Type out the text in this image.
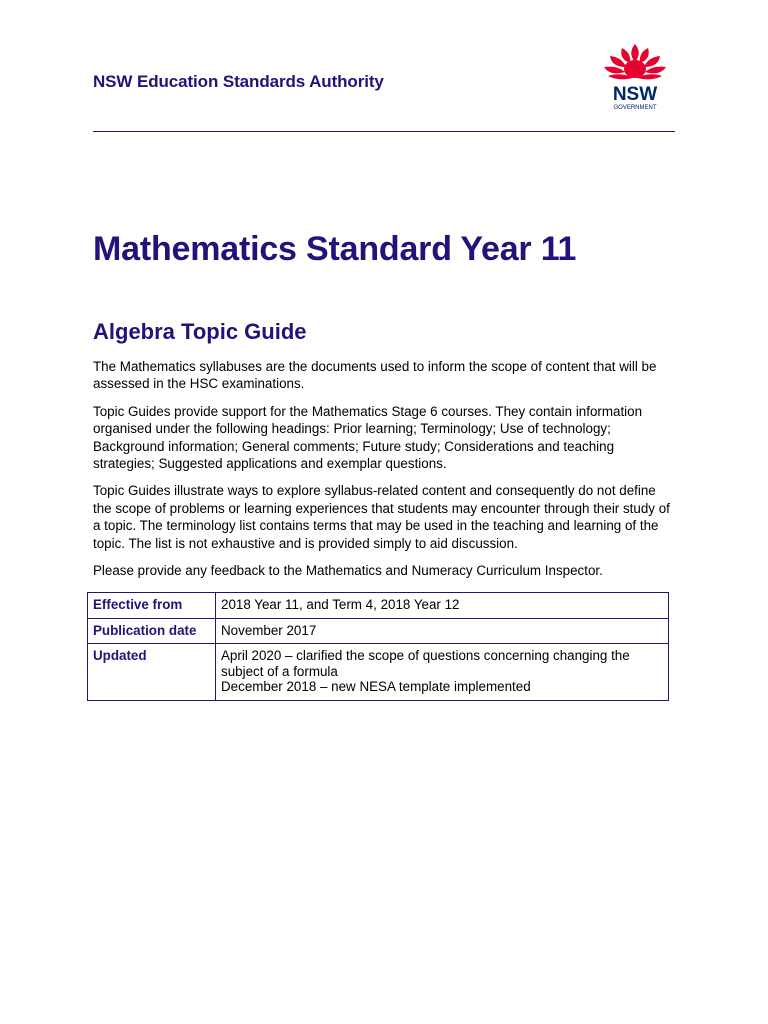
NSW Education Standards Authority
NSW
GOVERNMENT
Mathematics Standard Year 11
Algebra Topic Guide

The Mathematics syllabuses are the documents used to inform the scope of content that will be assessed in the HSC examinations.

Topic Guides provide support for the Mathematics Stage 6 courses. They contain information organised under the following headings: Prior learning; Terminology; Use of technology; Background information; General comments; Future study; Considerations and teaching strategies; Suggested applications and exemplar questions.

Topic Guides illustrate ways to explore syllabus-related content and consequently do not define the scope of problems or learning experiences that students may encounter through their study of a topic. The terminology list contains terms that may be used in the teaching and learning of the topic. The list is not exhaustive and is provided simply to aid discussion.

Please provide any feedback to the Mathematics and Numeracy Curriculum Inspector.

Effective from	2018 Year 11, and Term 4, 2018 Year 12
Publication date	November 2017
Updated	April 2020 – clarified the scope of questions concerning changing the subject of a formula
December 2018 – new NESA template implemented
